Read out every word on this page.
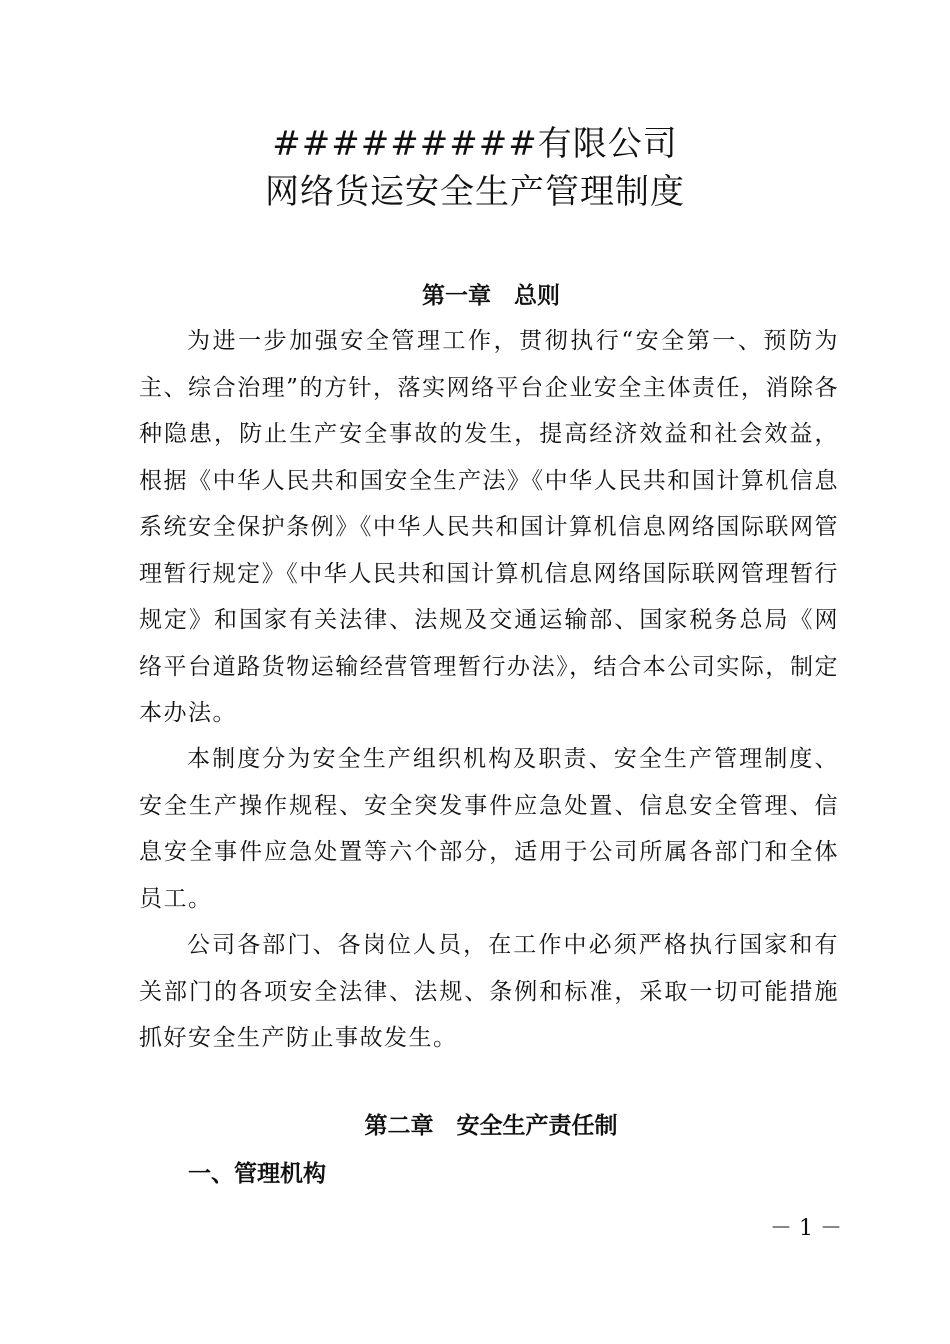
#########有限公司
网络货运安全生产管理制度
第一章　总则

为进一步加强安全管理工作，贯彻执行“安全第一、预防为主、综合治理”的方针，落实网络平台企业安全主体责任，消除各种隐患，防止生产安全事故的发生，提高经济效益和社会效益，根据《中华人民共和国安全生产法》《中华人民共和国计算机信息系统安全保护条例》《中华人民共和国计算机信息网络国际联网管理暂行规定》《中华人民共和国计算机信息网络国际联网管理暂行规定》和国家有关法律、法规及交通运输部、国家税务总局《网络平台道路货物运输经营管理暂行办法》，结合本公司实际，制定本办法。

本制度分为安全生产组织机构及职责、安全生产管理制度、安全生产操作规程、安全突发事件应急处置、信息安全管理、信息安全事件应急处置等六个部分，适用于公司所属各部门和全体员工。

公司各部门、各岗位人员，在工作中必须严格执行国家和有关部门的各项安全法律、法规、条例和标准，采取一切可能措施抓好安全生产防止事故发生。

第二章　安全生产责任制
一、管理机构
－ 1 －
